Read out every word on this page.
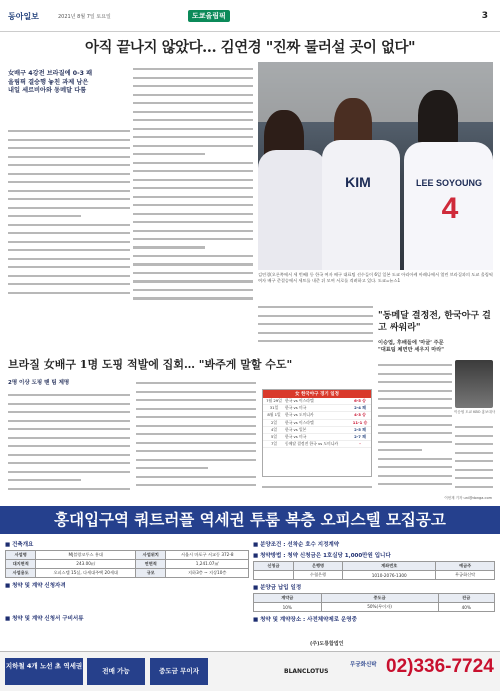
동아일보	2021년 8월 7일 토요일	도쿄올림픽	3
아직 끝나지 않았다… 김연경 "진짜 물러설 곳이 없다"
女배구 4강전 브라질에 0-3 패
올림픽 결승행 놓친 과제 남은
내일 세르비아와 동메달 다툼
KIM	LEE SOYOUNG
4
김연경(오른쪽에서 세 번째) 등 한국 여자 배구 대표팀 선수들이 6일 일본 도쿄 아리아케 아레나에서 열린 브라질과의 도쿄 올림픽 여자 배구 준결승에서 세트를 내준 뒤 모여 서로를 격려하고 있다. 도쿄=뉴스1
"동메달 결정전, 한국아구 걸고 싸워라"
이승엽, 후배들에 '마굴' 주문
"대표팀 체면만 세우지 마라"
이승엽 도쿄 KBO 홍보대사
브라질 女배구 1명 도핑 적발에 집회… "봐주게 말할 수도"
2명 이상 도핑 땐 팀 제명
女 한국야구 경기 일정
7월 29일 한국 vs 이스라엘	6-5 승
31일	한국 vs 미국	2-4 패
8월 1일	한국 vs 도미니카	4-3 승
2일	한국 vs 이스라엘	11-1 승
4일	한국 vs 일본	2-5 패
5일	한국 vs 미국	2-7 패
7일	동메달 결정전 한국 vs 도미니카	-
이헌재 기자 uni@donga.com
홍대입구역 쿼트러플 역세권 투룸 복층 오피스텔 모집공고
■ 건축개요
사업명	MJ블랑코투스 홍대	사업위치	서울시 마포구 서교동 372-8
대지면적	243.00㎡	연면적	1,241.07㎡
사업용도	오피스텔 15실, 다세대주택 20세대	규모	지하3층 ~ 지상10층
■ 청약 및 계약 신청자격
■ 청약 및 계약 신청서 구비서류
■ 분양조건 : 선착순 호수 지정계약
■ 청약방법 : 청약 신청금은 1호실당 1,000만원 입니다
신청금	은행명	계좌번호	예금주
	수협은행	1010-2076-1300	무궁화신탁
■ 분양금 납입 일정
계약금	중도금	잔금
10%	50%(무이자)	40%
■ 청약 및 계약장소 : 사전체약제로 운영중
지하철 4개 노선 초 역세권
전매 가능	중도금 무이자	BLANCLOTUS
무궁화신탁 02)336-7724
(주)도룡합법인
